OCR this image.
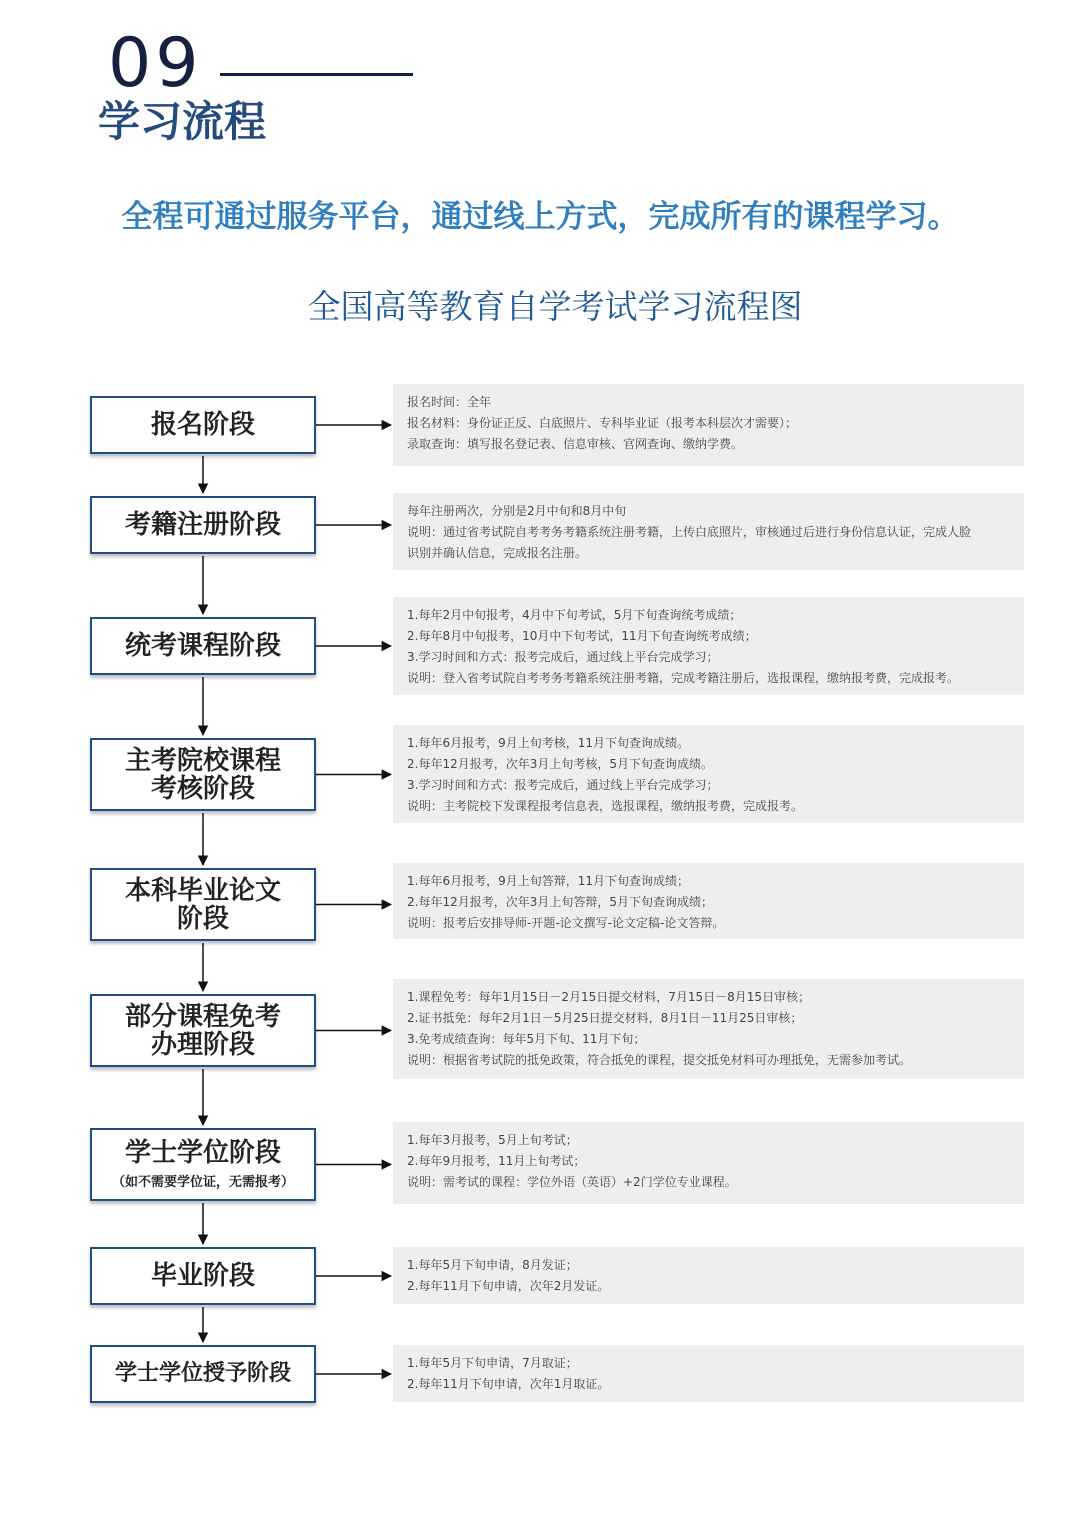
09
学习流程
全程可通过服务平台，通过线上方式，完成所有的课程学习。
全国高等教育自学考试学习流程图
报名阶段
考籍注册阶段
统考课程阶段
主考院校课程
考核阶段
本科毕业论文
阶段
部分课程免考
办理阶段
学士学位阶段
（如不需要学位证，无需报考）
毕业阶段
学士学位授予阶段
报名时间：全年
报名材料：身份证正反、白底照片、专科毕业证（报考本科层次才需要）；
录取查询：填写报名登记表、信息审核、官网查询、缴纳学费。
每年注册两次，分别是2月中旬和8月中旬
说明：通过省考试院自考考务考籍系统注册考籍，上传白底照片，审核通过后进行身份信息认证，完成人脸
识别并确认信息，完成报名注册。
1.每年2月中旬报考，4月中下旬考试，5月下旬查询统考成绩；
2.每年8月中旬报考，10月中下旬考试，11月下旬查询统考成绩；
3.学习时间和方式：报考完成后，通过线上平台完成学习；
说明：登入省考试院自考考务考籍系统注册考籍，完成考籍注册后，选报课程，缴纳报考费，完成报考。
1.每年6月报考，9月上旬考核，11月下旬查询成绩。
2.每年12月报考，次年3月上旬考核，5月下旬查询成绩。
3.学习时间和方式：报考完成后，通过线上平台完成学习；
说明：主考院校下发课程报考信息表，选报课程，缴纳报考费，完成报考。
1.每年6月报考，9月上旬答辩，11月下旬查询成绩；
2.每年12月报考，次年3月上旬答辩，5月下旬查询成绩；
说明：报考后安排导师-开题-论文撰写-论文定稿-论文答辩。
1.课程免考：每年1月15日－2月15日提交材料，7月15日－8月15日审核；
2.证书抵免：每年2月1日－5月25日提交材料，8月1日－11月25日审核；
3.免考成绩查询：每年5月下旬、11月下旬；
说明：根据省考试院的抵免政策，符合抵免的课程，提交抵免材料可办理抵免，无需参加考试。
1.每年3月报考，5月上旬考试；
2.每年9月报考，11月上旬考试；
说明：需考试的课程：学位外语（英语）+2门学位专业课程。
1.每年5月下旬申请，8月发证；
2.每年11月下旬申请，次年2月发证。
1.每年5月下旬申请，7月取证；
2.每年11月下旬申请，次年1月取证。
